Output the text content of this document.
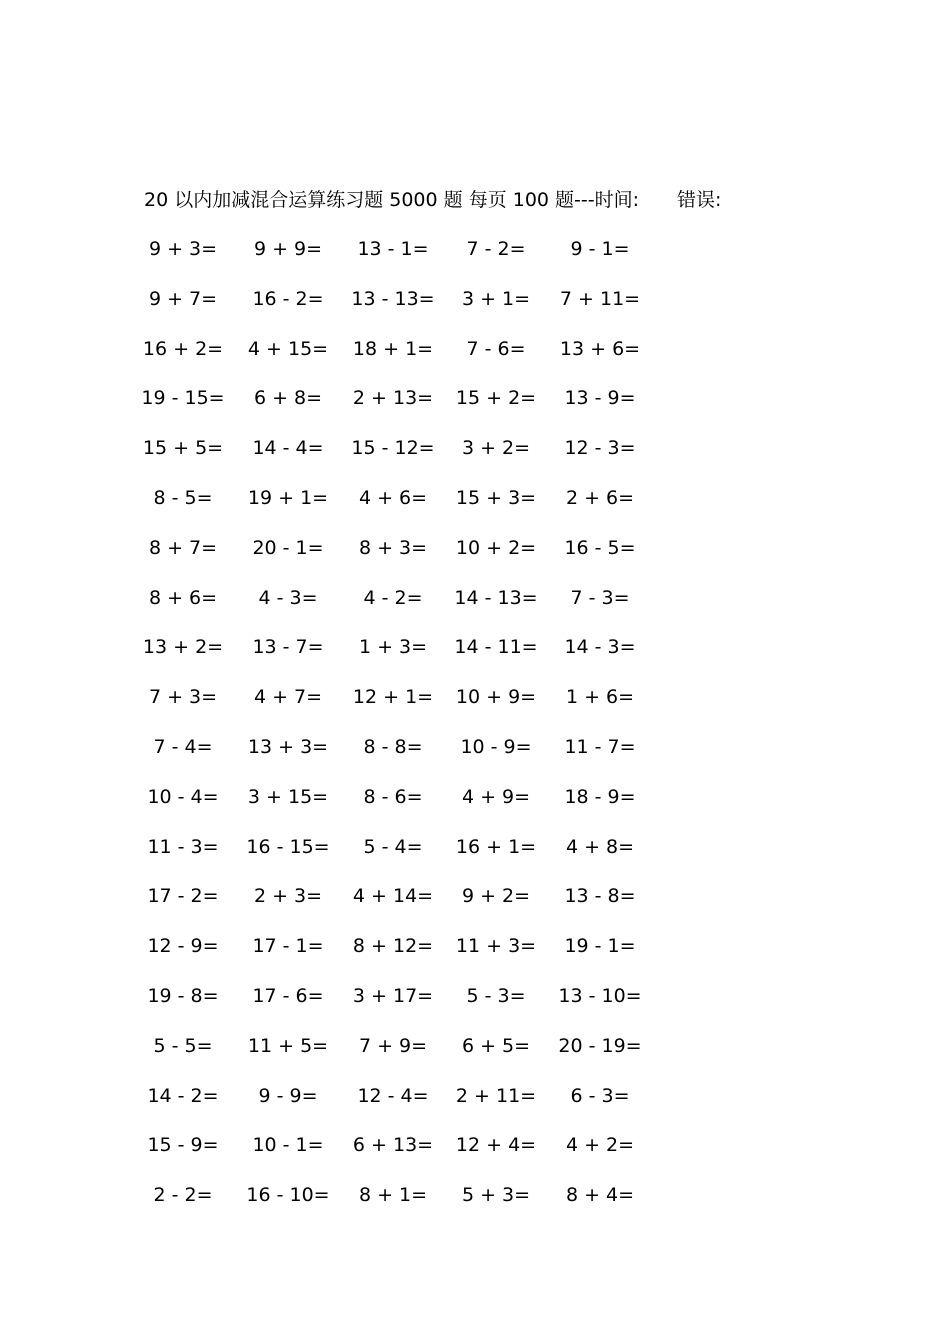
20 以内加减混合运算练习题 5000 题 每页 100 题---时间: 错误:
9 + 3=	9 + 9=	13 - 1=	7 - 2=	9 - 1=
9 + 7=	16 - 2=	13 - 13=	3 + 1=	7 + 11=
16 + 2=	4 + 15=	18 + 1=	7 - 6=	13 + 6=
19 - 15=	6 + 8=	2 + 13=	15 + 2=	13 - 9=
15 + 5=	14 - 4=	15 - 12=	3 + 2=	12 - 3=
8 - 5=	19 + 1=	4 + 6=	15 + 3=	2 + 6=
8 + 7=	20 - 1=	8 + 3=	10 + 2=	16 - 5=
8 + 6=	4 - 3=	4 - 2=	14 - 13=	7 - 3=
13 + 2=	13 - 7=	1 + 3=	14 - 11=	14 - 3=
7 + 3=	4 + 7=	12 + 1=	10 + 9=	1 + 6=
7 - 4=	13 + 3=	8 - 8=	10 - 9=	11 - 7=
10 - 4=	3 + 15=	8 - 6=	4 + 9=	18 - 9=
11 - 3=	16 - 15=	5 - 4=	16 + 1=	4 + 8=
17 - 2=	2 + 3=	4 + 14=	9 + 2=	13 - 8=
12 - 9=	17 - 1=	8 + 12=	11 + 3=	19 - 1=
19 - 8=	17 - 6=	3 + 17=	5 - 3=	13 - 10=
5 - 5=	11 + 5=	7 + 9=	6 + 5=	20 - 19=
14 - 2=	9 - 9=	12 - 4=	2 + 11=	6 - 3=
15 - 9=	10 - 1=	6 + 13=	12 + 4=	4 + 2=
2 - 2=	16 - 10=	8 + 1=	5 + 3=	8 + 4=
